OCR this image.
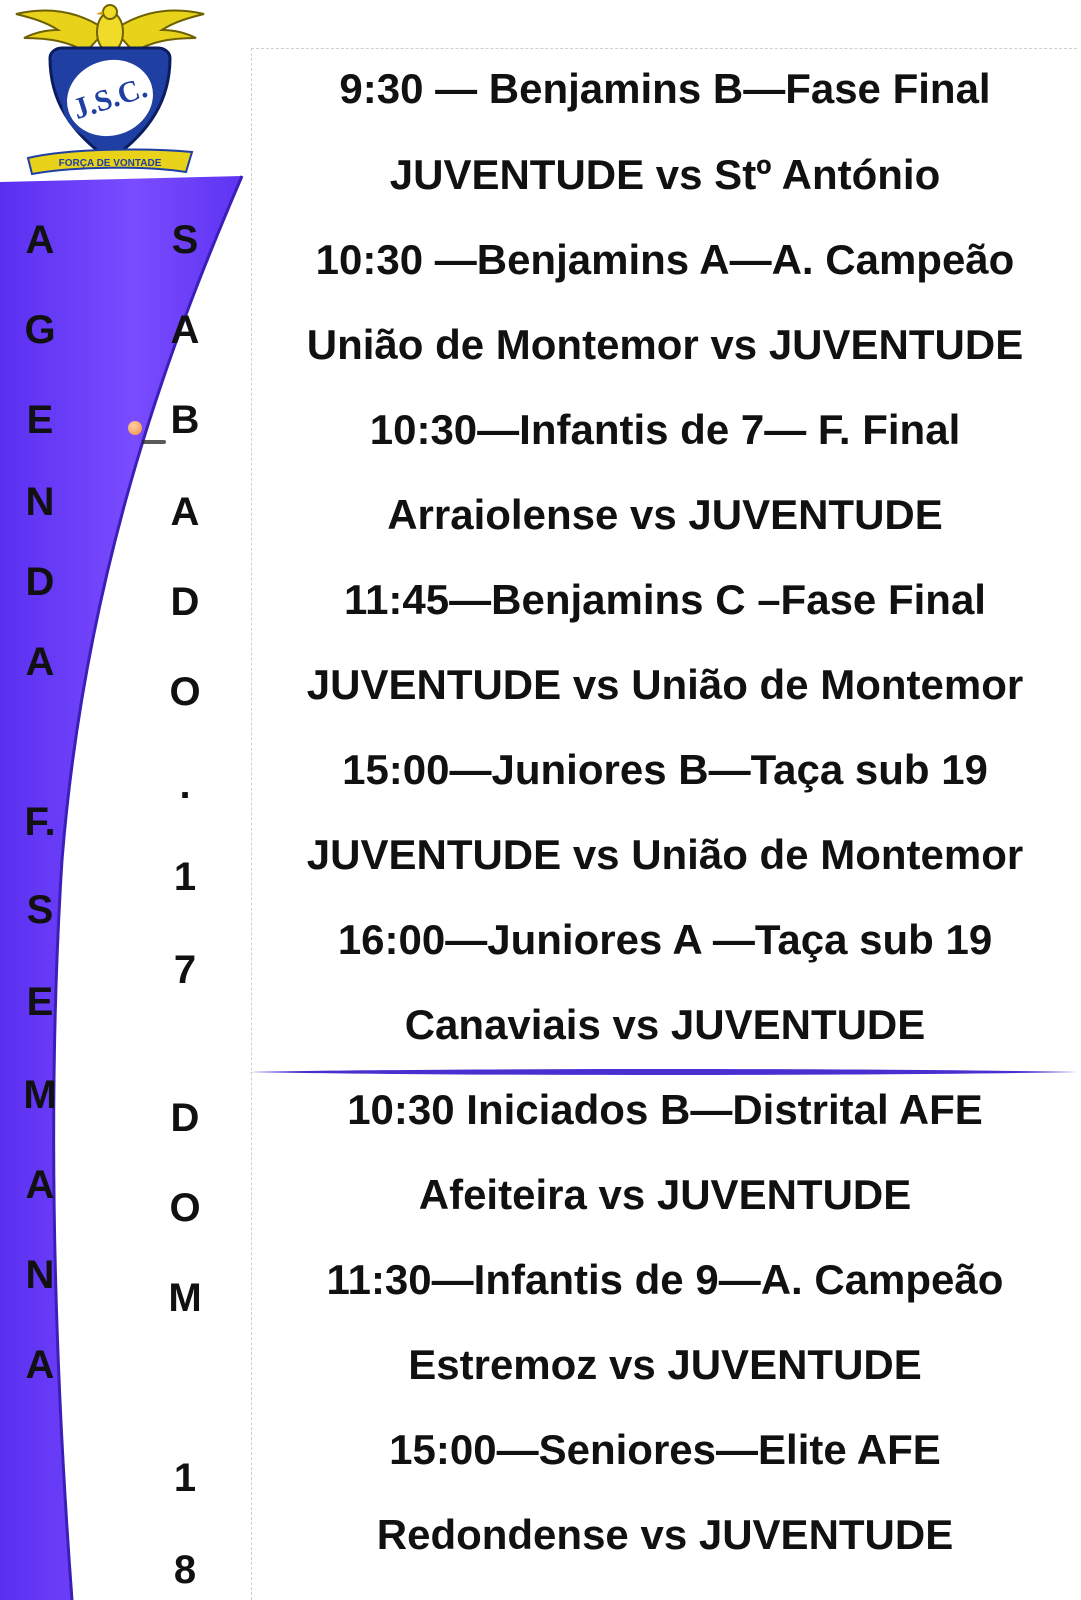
J.S.C.
FORÇA DE VONTADE
A
G
E
N
D
A
F.
S
E
M
A
N
A
S
A
B
A
D
O
.
1
7
D
O
M
1
8
9:30 — Benjamins B—Fase Final
JUVENTUDE vs Stº António
10:30 —Benjamins A—A. Campeão
União de Montemor vs JUVENTUDE
10:30—Infantis de 7— F. Final
Arraiolense vs JUVENTUDE
11:45—Benjamins C –Fase Final
JUVENTUDE vs União de Montemor
15:00—Juniores B—Taça sub 19
JUVENTUDE vs União de Montemor
16:00—Juniores A —Taça sub 19
Canaviais vs JUVENTUDE
10:30 Iniciados B—Distrital AFE
Afeiteira vs JUVENTUDE
11:30—Infantis de 9—A. Campeão
Estremoz vs JUVENTUDE
15:00—Seniores—Elite AFE
Redondense vs JUVENTUDE
